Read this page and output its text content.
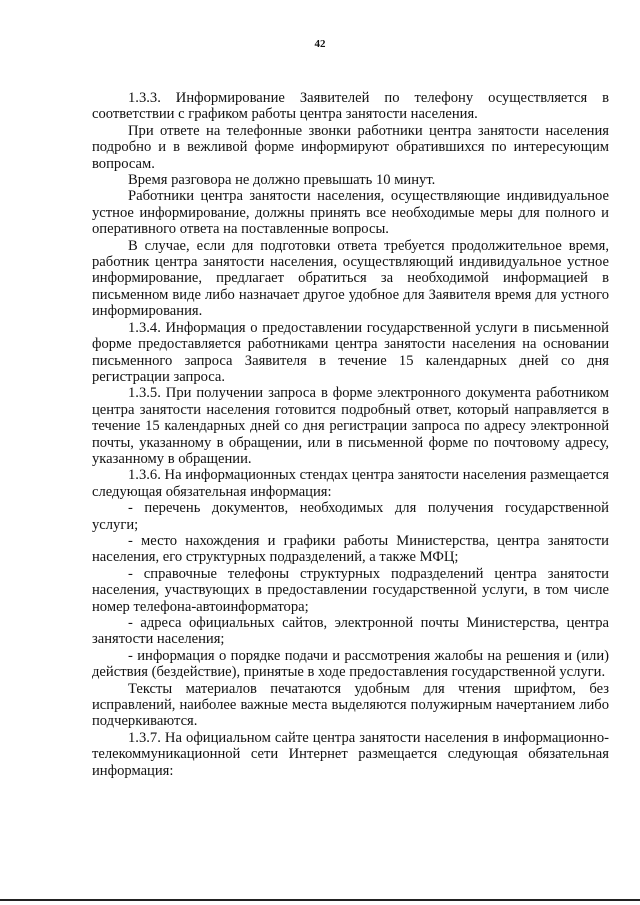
42

1.3.3. Информирование Заявителей по телефону осуществляется в соответствии с графиком работы центра занятости населения.

При ответе на телефонные звонки работники центра занятости населения подробно и в вежливой форме информируют обратившихся по интересующим вопросам.

Время разговора не должно превышать 10 минут.

Работники центра занятости населения, осуществляющие индивидуальное устное информирование, должны принять все необходимые меры для полного и оперативного ответа на поставленные вопросы.

В случае, если для подготовки ответа требуется продолжительное время, работник центра занятости населения, осуществляющий индивидуальное устное информирование, предлагает обратиться за необходимой информацией в письменном виде либо назначает другое удобное для Заявителя время для устного информирования.

1.3.4. Информация о предоставлении государственной услуги в письменной форме предоставляется работниками центра занятости населения на основании письменного запроса Заявителя в течение 15 календарных дней со дня регистрации запроса.

1.3.5. При получении запроса в форме электронного документа работником центра занятости населения готовится подробный ответ, который направляется в течение 15 календарных дней со дня регистрации запроса по адресу электронной почты, указанному в обращении, или в письменной форме по почтовому адресу, указанному в обращении.

1.3.6. На информационных стендах центра занятости населения размещается следующая обязательная информация:

- перечень документов, необходимых для получения государственной услуги;

- место нахождения и графики работы Министерства, центра занятости населения, его структурных подразделений, а также МФЦ;

- справочные телефоны структурных подразделений центра занятости населения, участвующих в предоставлении государственной услуги, в том числе номер телефона-автоинформатора;

- адреса официальных сайтов, электронной почты Министерства, центра занятости населения;

- информация о порядке подачи и рассмотрения жалобы на решения и (или) действия (бездействие), принятые в ходе предоставления государственной услуги.

Тексты материалов печатаются удобным для чтения шрифтом, без исправлений, наиболее важные места выделяются полужирным начертанием либо подчеркиваются.

1.3.7. На официальном сайте центра занятости населения в информационно-телекоммуникационной сети Интернет размещается следующая обязательная информация:
